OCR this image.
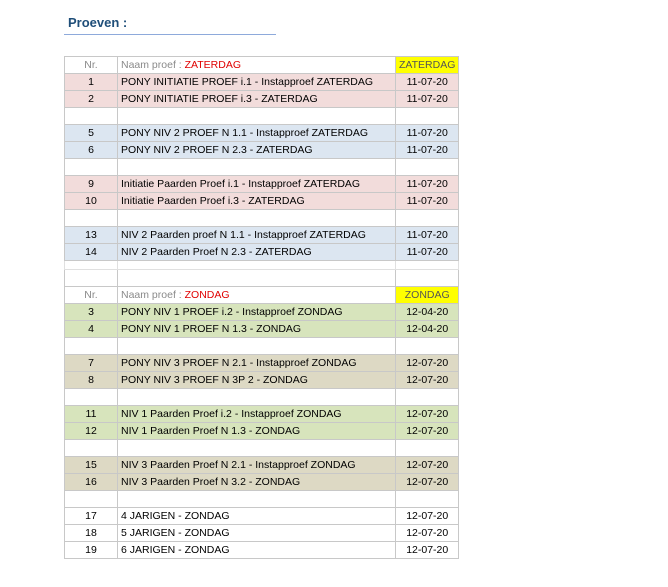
Proeven :
Nr.	Naam proef : ZATERDAG	ZATERDAG
1	PONY INITIATIE PROEF i.1 - Instapproef ZATERDAG	11-07-20
2	PONY INITIATIE PROEF i.3 - ZATERDAG	11-07-20

5	PONY NIV 2 PROEF N 1.1 - Instapproef ZATERDAG	11-07-20
6	PONY NIV 2 PROEF N 2.3 - ZATERDAG	11-07-20

9	Initiatie Paarden Proef i.1 - Instapproef ZATERDAG	11-07-20
10	Initiatie Paarden Proef i.3 - ZATERDAG	11-07-20

13	NIV 2 Paarden proef N 1.1 - Instapproef ZATERDAG	11-07-20
14	NIV 2 Paarden Proef N 2.3 - ZATERDAG	11-07-20

Nr.	Naam proef : ZONDAG	ZONDAG
3	PONY NIV 1 PROEF i.2 - Instapproef ZONDAG	12-04-20
4	PONY NIV 1 PROEF N 1.3 - ZONDAG	12-04-20

7	PONY NIV 3 PROEF N 2.1 - Instapproef ZONDAG	12-07-20
8	PONY NIV 3 PROEF N 3P 2 - ZONDAG	12-07-20

11	NIV 1 Paarden Proef i.2 - Instapproef ZONDAG	12-07-20
12	NIV 1 Paarden Proef N 1.3 - ZONDAG	12-07-20

15	NIV 3 Paarden Proef N 2.1 - Instapproef ZONDAG	12-07-20
16	NIV 3 Paarden Proef N 3.2 - ZONDAG	12-07-20

17	4 JARIGEN - ZONDAG	12-07-20
18	5 JARIGEN - ZONDAG	12-07-20
19	6 JARIGEN - ZONDAG	12-07-20
